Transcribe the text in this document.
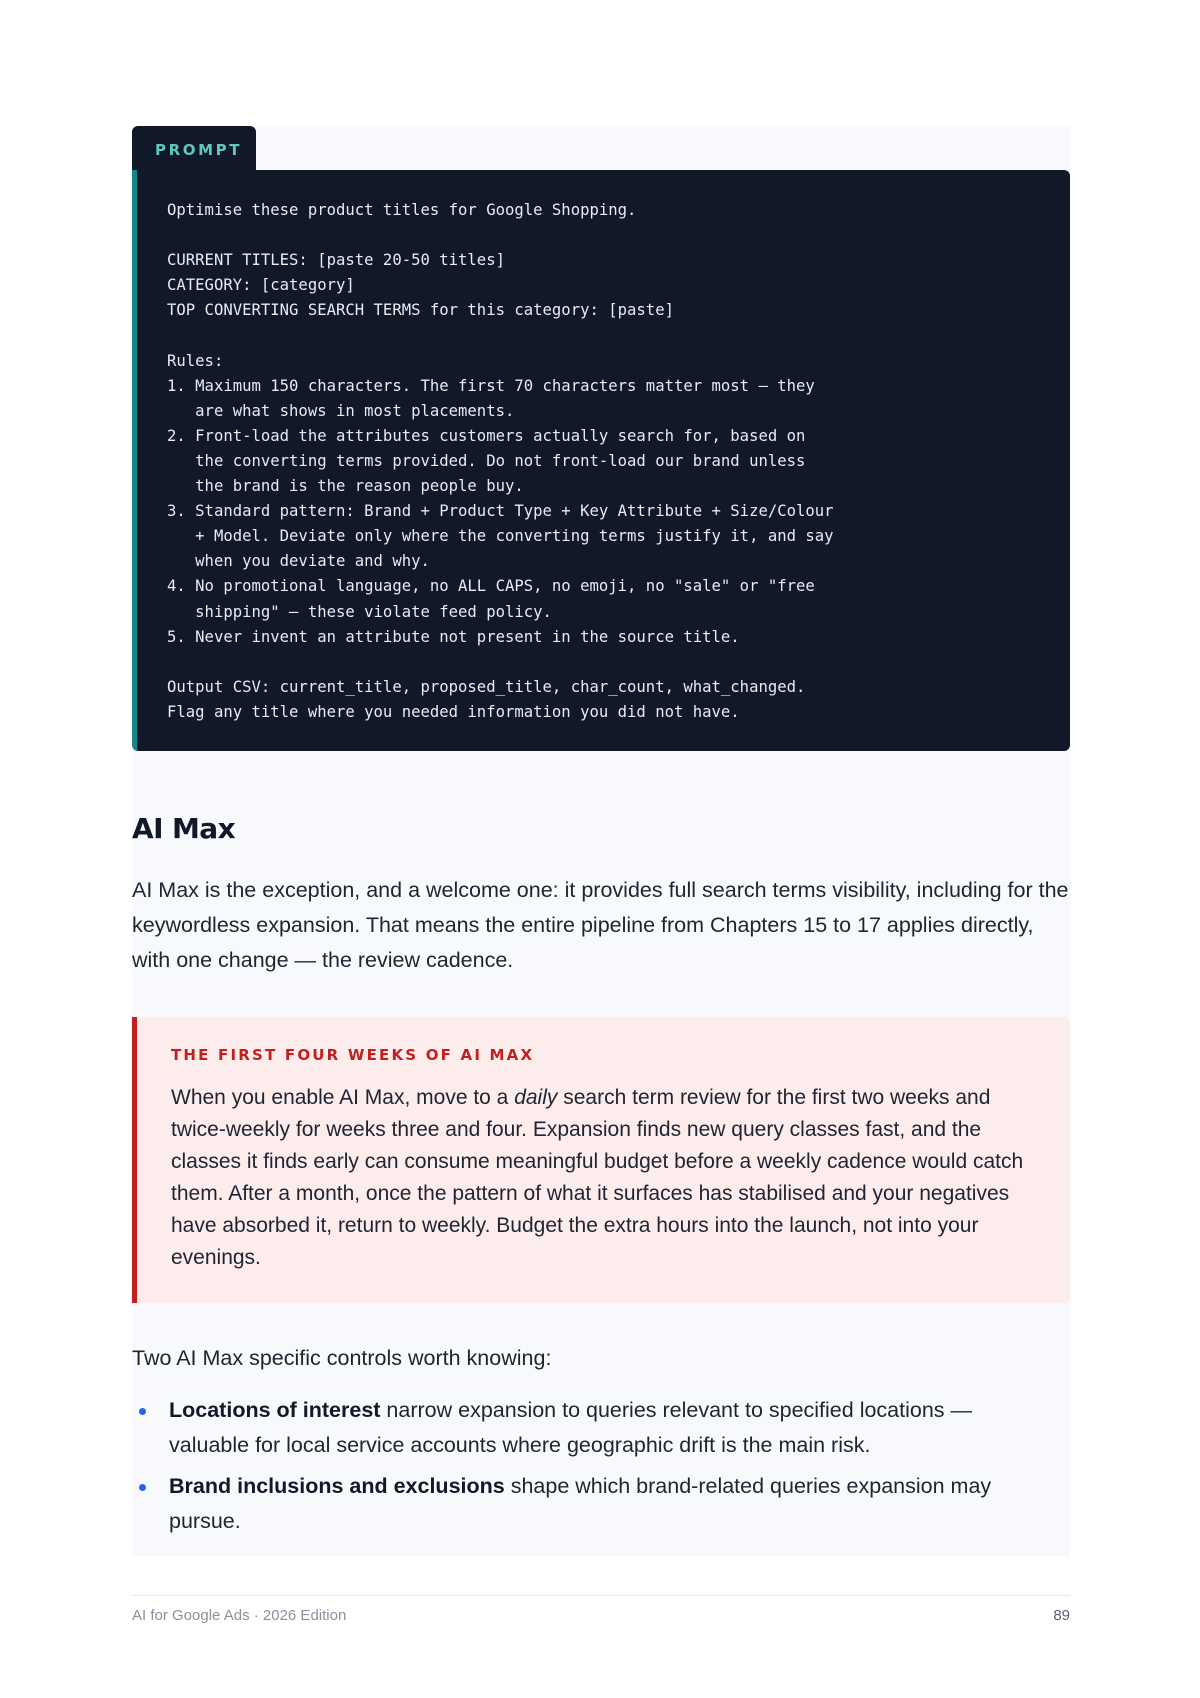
PROMPT
Optimise these product titles for Google Shopping.

CURRENT TITLES: [paste 20-50 titles]
CATEGORY: [category]
TOP CONVERTING SEARCH TERMS for this category: [paste]

Rules:
1. Maximum 150 characters. The first 70 characters matter most — they
are what shows in most placements.
2. Front-load the attributes customers actually search for, based on
the converting terms provided. Do not front-load our brand unless
the brand is the reason people buy.
3. Standard pattern: Brand + Product Type + Key Attribute + Size/Colour
+ Model. Deviate only where the converting terms justify it, and say
when you deviate and why.
4. No promotional language, no ALL CAPS, no emoji, no "sale" or "free
shipping" — these violate feed policy.
5. Never invent an attribute not present in the source title.

Output CSV: current_title, proposed_title, char_count, what_changed.
Flag any title where you needed information you did not have.
AI Max

AI Max is the exception, and a welcome one: it provides full search terms visibility, including for the keywordless expansion. That means the entire pipeline from Chapters 15 to 17 applies directly, with one change — the review cadence.

THE FIRST FOUR WEEKS OF AI MAX

When you enable AI Max, move to a daily search term review for the first two weeks and twice-weekly for weeks three and four. Expansion finds new query classes fast, and the classes it finds early can consume meaningful budget before a weekly cadence would catch them. After a month, once the pattern of what it surfaces has stabilised and your negatives have absorbed it, return to weekly. Budget the extra hours into the launch, not into your evenings.

Two AI Max specific controls worth knowing:

Locations of interest narrow expansion to queries relevant to specified locations — valuable for local service accounts where geographic drift is the main risk.
Brand inclusions and exclusions shape which brand-related queries expansion may pursue.
AI for Google Ads · 2026 Edition	89
